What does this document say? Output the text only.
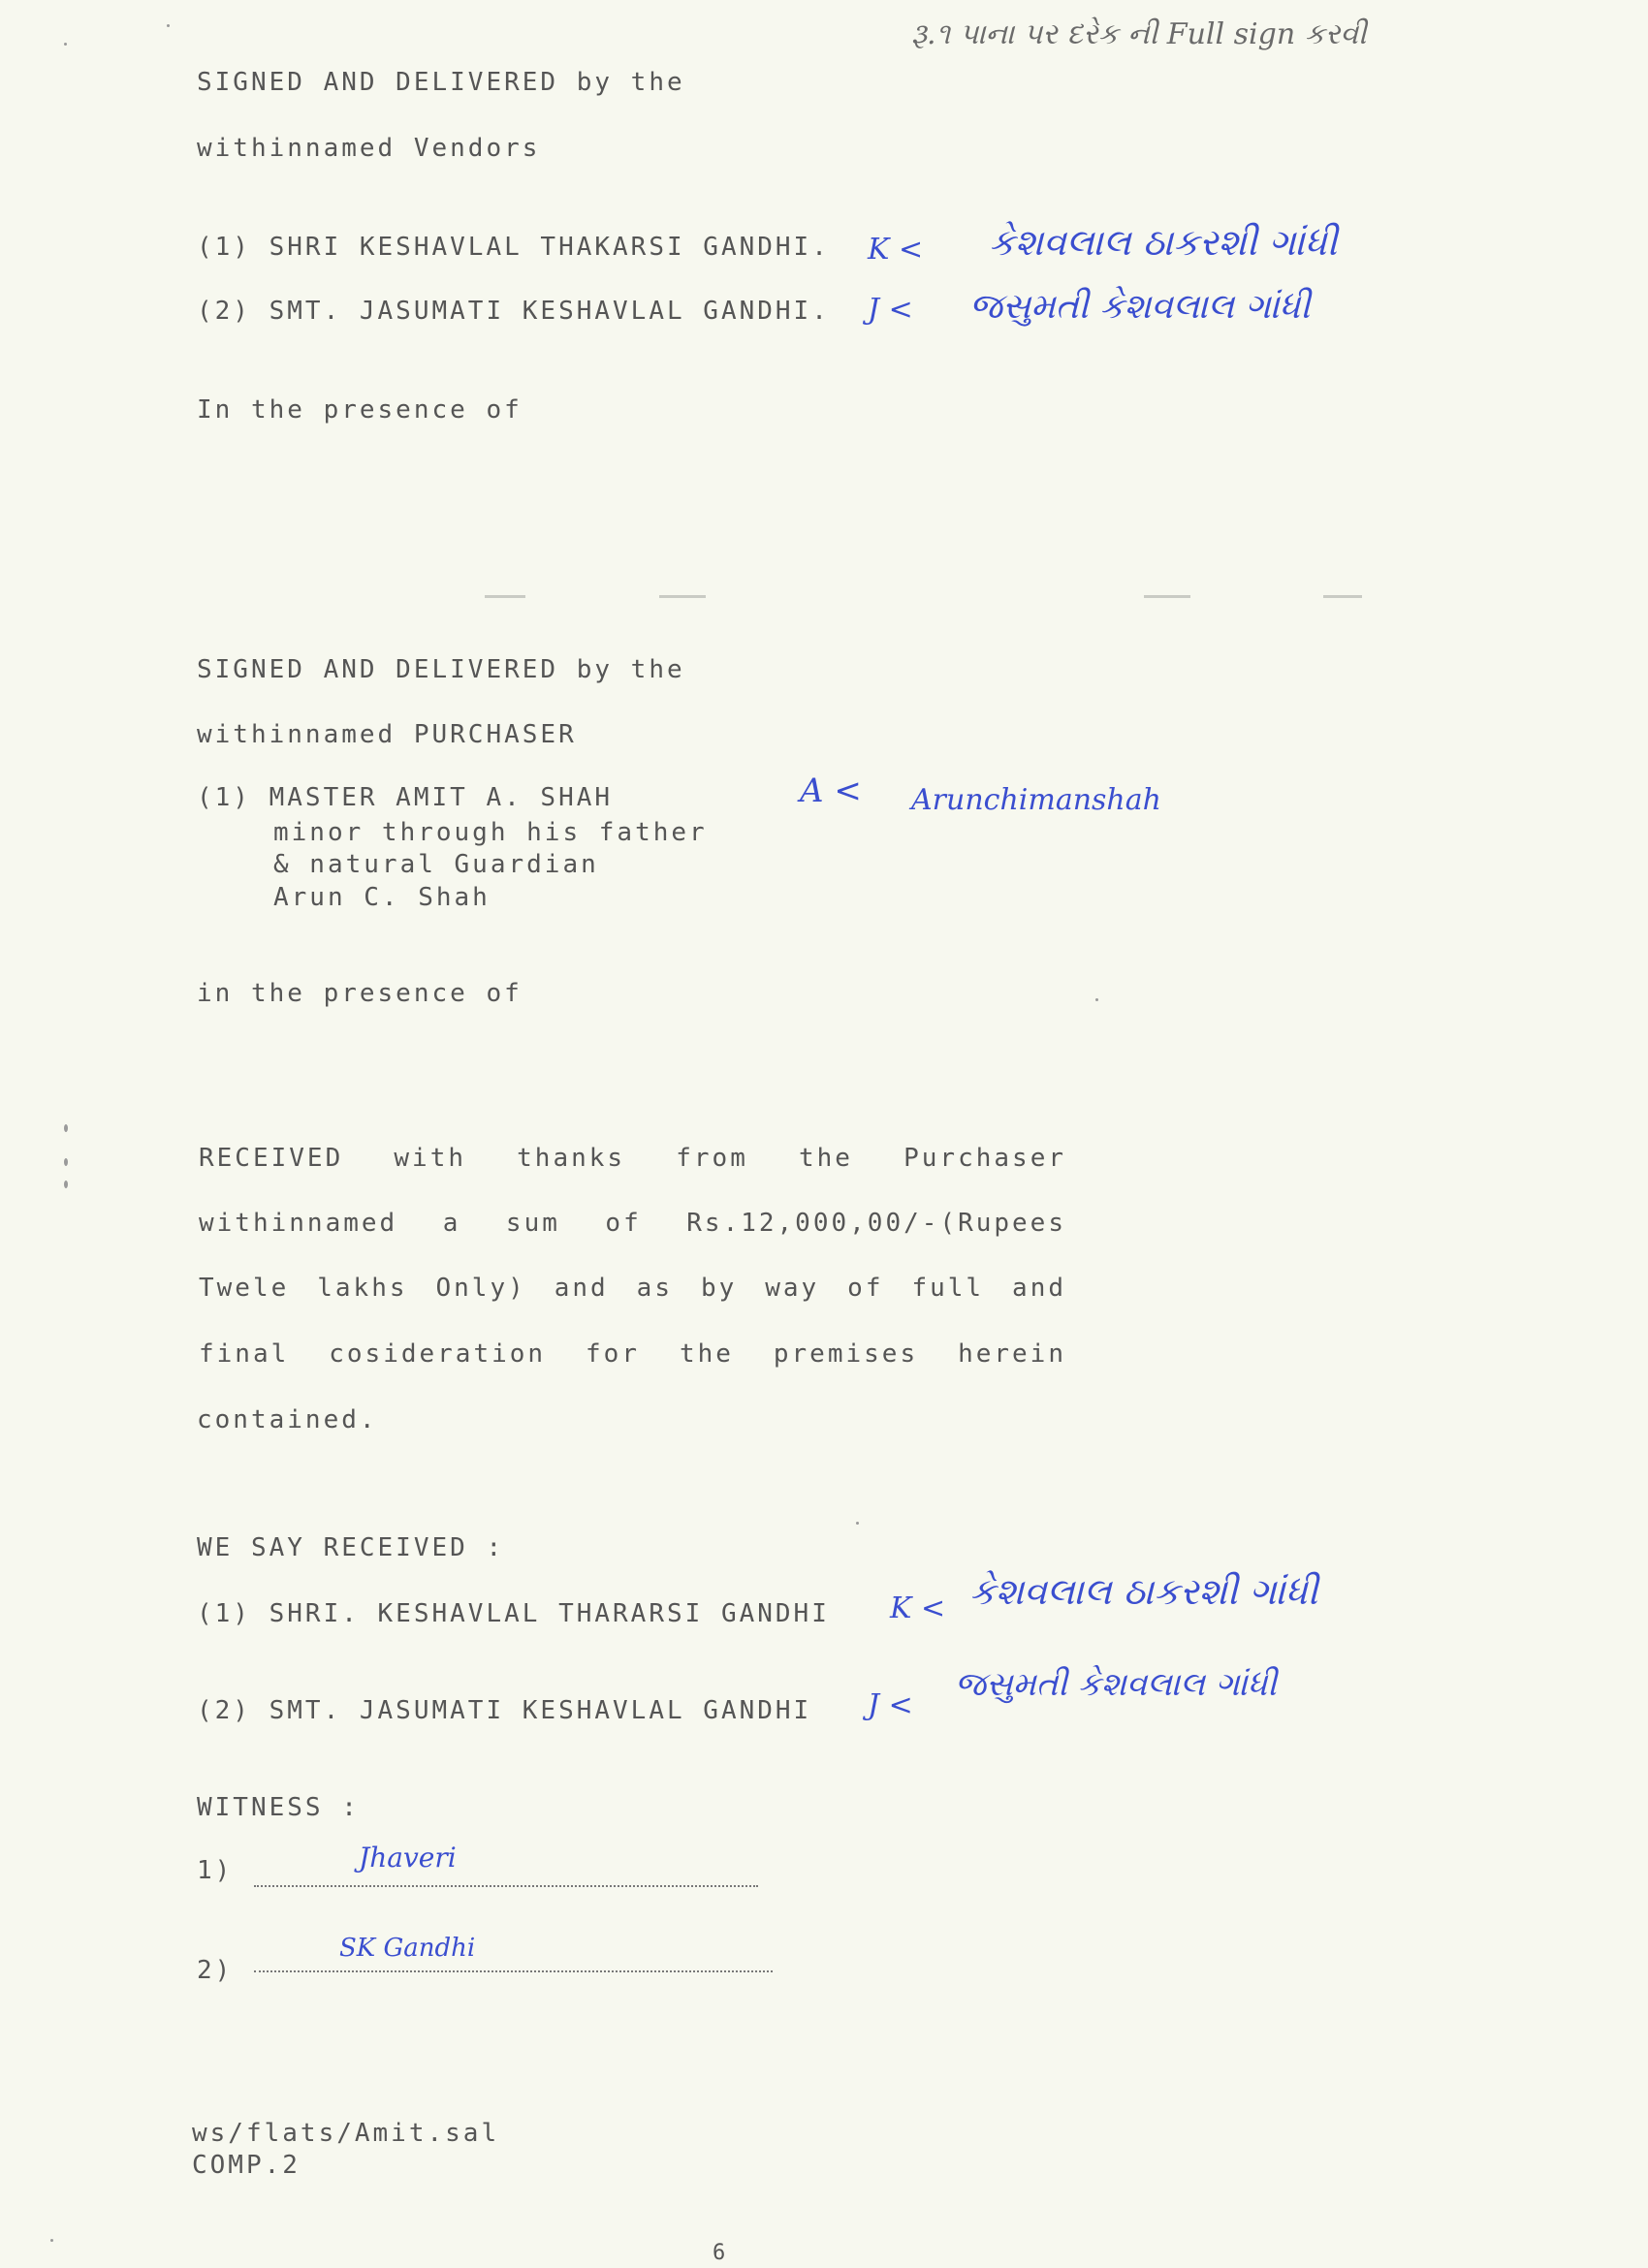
રૂ.૧ પાના પર દરેક ની Full sign કરવી
SIGNED AND DELIVERED by the
withinnamed Vendors
(1) SHRI KESHAVLAL THAKARSI GANDHI. K < કેશવલાલ ઠાકરશી ગાંધી
(2) SMT. JASUMATI KESHAVLAL GANDHI. J < જસુમતી કેશવલાલ ગાંધી
In the presence of
SIGNED AND DELIVERED by the
withinnamed PURCHASER
(1) MASTER AMIT A. SHAH
minor through his father
& natural Guardian
Arun C. Shah
A < Arunchimanshah
in the presence of
RECEIVED with thanks from the Purchaser
withinnamed a sum of Rs.12,000,00/-(Rupees
Twele lakhs Only) and as by way of full and
final cosideration for the premises herein
contained.
WE SAY RECEIVED :
(1) SHRI. KESHAVLAL THARARSI GANDHI K < કેશવલાલ ઠાકરશી ગાંધી
(2) SMT. JASUMATI KESHAVLAL GANDHI J <
જસુમતી કેશવલાલ ગાંધી
WITNESS :
1)	Jhaveri
2)
SK Gandhi
ws/flats/Amit.sal
COMP.2
6
